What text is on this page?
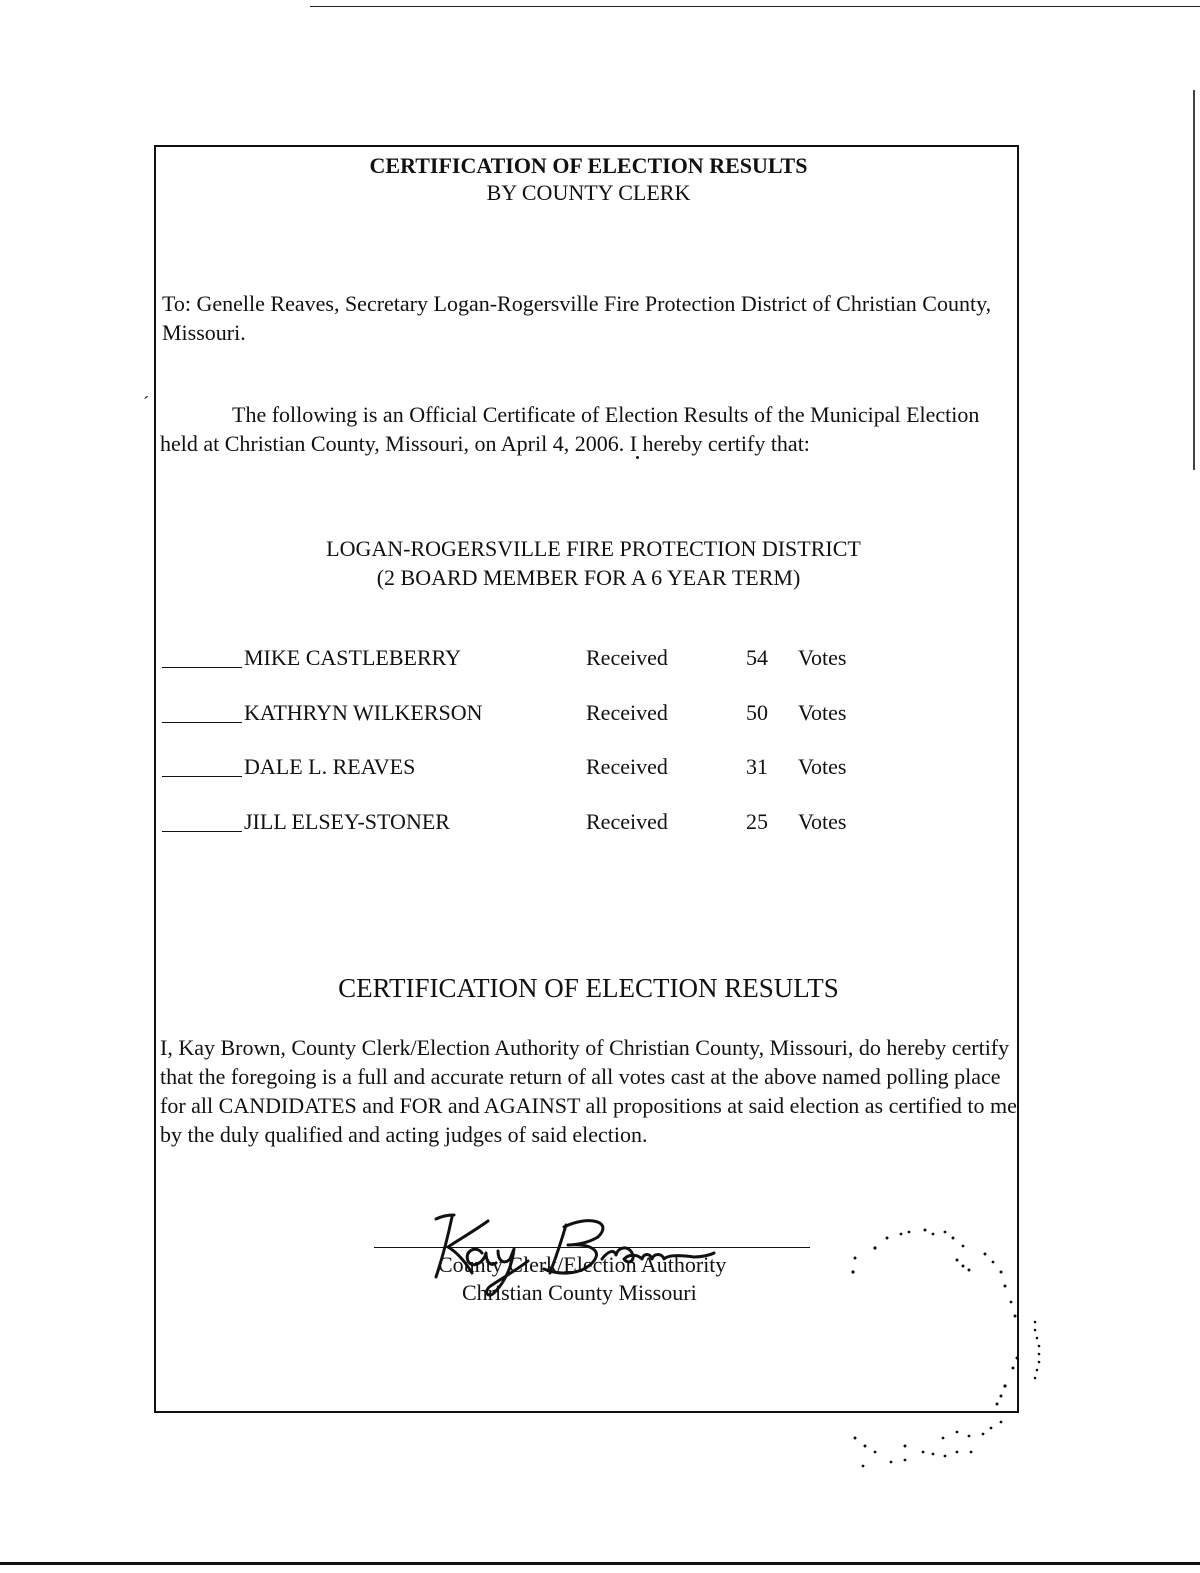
ˊ
CERTIFICATION OF ELECTION RESULTS
BY COUNTY CLERK
To: Genelle Reaves, Secretary Logan-Rogersville Fire Protection District of Christian County, Missouri.
The following is an Official Certificate of Election Results of the Municipal Election held at Christian County, Missouri, on April 4, 2006. I hereby certify that:
LOGAN-ROGERSVILLE FIRE PROTECTION DISTRICT
(2 BOARD MEMBER FOR A 6 YEAR TERM)
MIKE CASTLEBERRY	Received	54 Votes
KATHRYN WILKERSON	Received	50 Votes
DALE L. REAVES	Received	31 Votes
JILL ELSEY-STONER	Received	25 Votes
CERTIFICATION OF ELECTION RESULTS
I, Kay Brown, County Clerk/Election Authority of Christian County, Missouri, do hereby certify that the foregoing is a full and accurate return of all votes cast at the above named polling place for all CANDIDATES and FOR and AGAINST all propositions at said election as certified to me by the duly qualified and acting judges of said election.
County Clerk/Election Authority
Christian County Missouri
